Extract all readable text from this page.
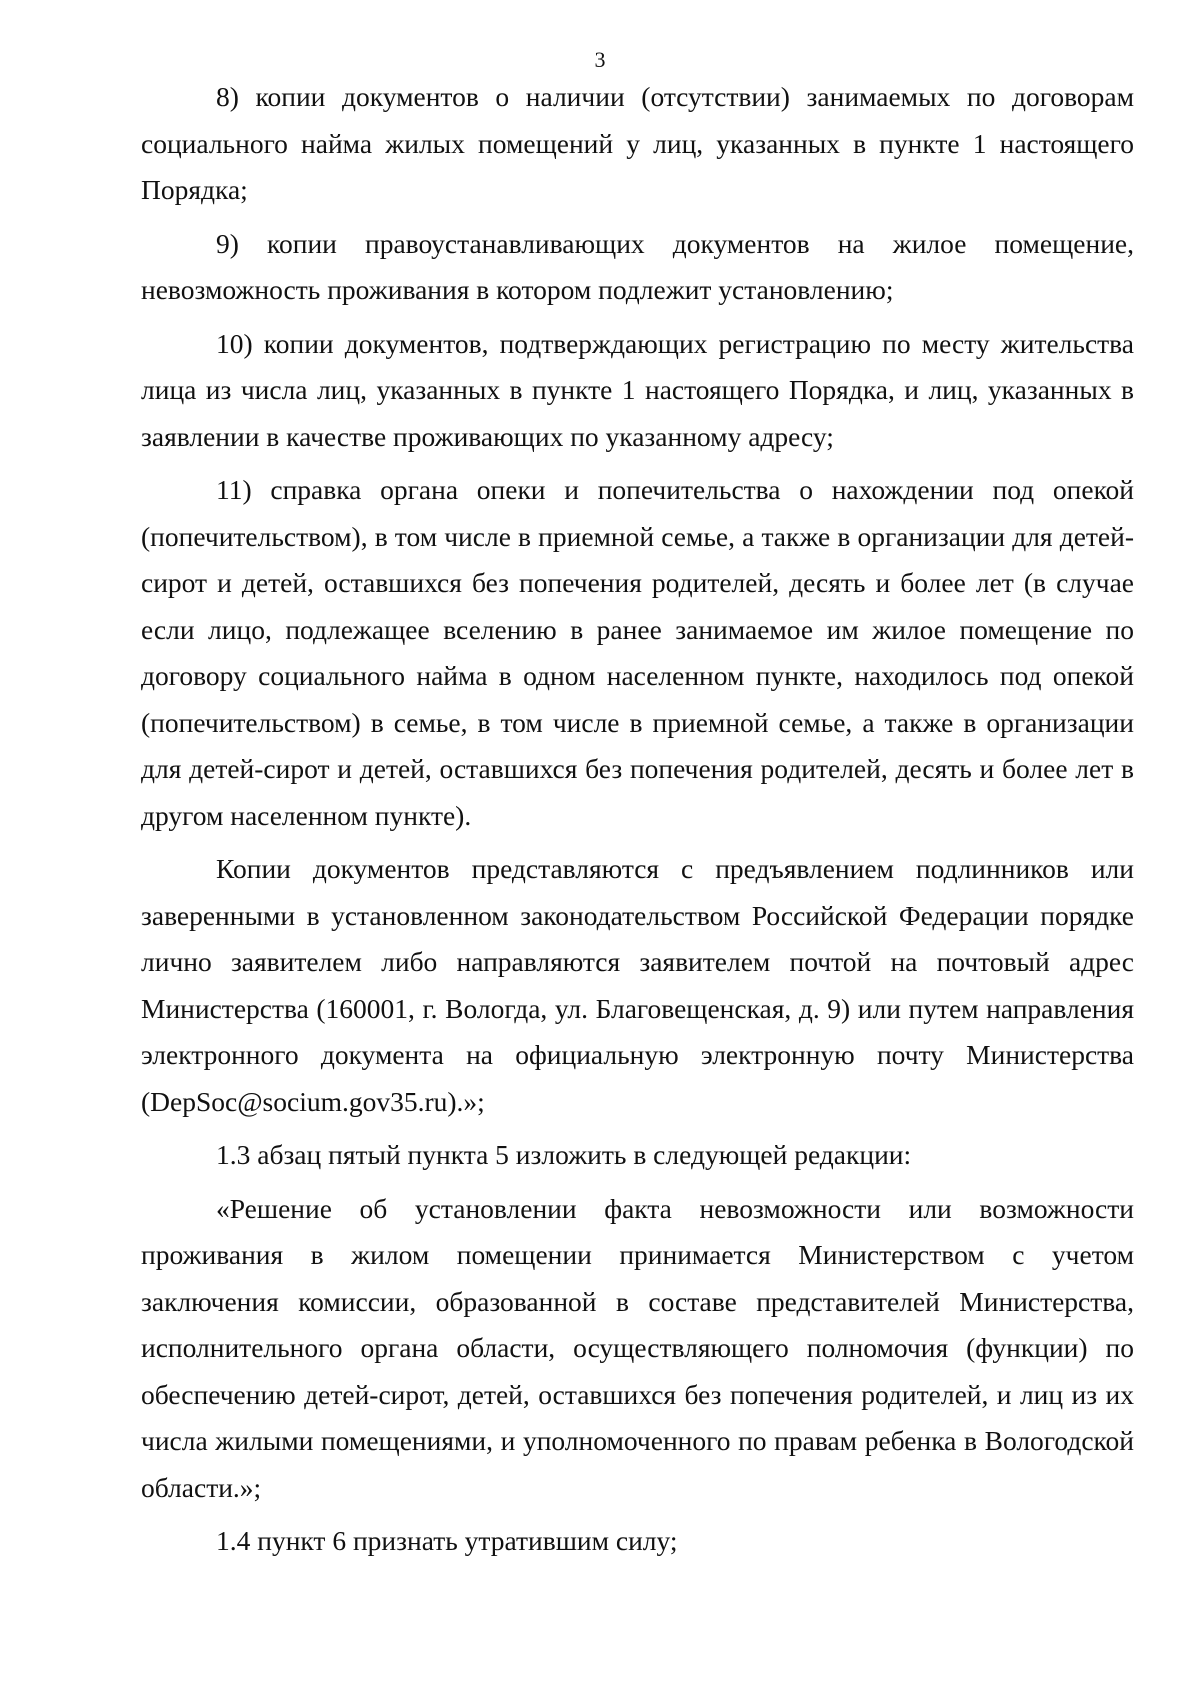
3

8) копии документов о наличии (отсутствии) занимаемых по договорам социального найма жилых помещений у лиц, указанных в пункте 1 настоящего Порядка;

9) копии правоустанавливающих документов на жилое помещение, невозможность проживания в котором подлежит установлению;

10) копии документов, подтверждающих регистрацию по месту жительства лица из числа лиц, указанных в пункте 1 настоящего Порядка, и лиц, указанных в заявлении в качестве проживающих по указанному адресу;

11) справка органа опеки и попечительства о нахождении под опекой (попечительством), в том числе в приемной семье, а также в организации для детей-сирот и детей, оставшихся без попечения родителей, десять и более лет (в случае если лицо, подлежащее вселению в ранее занимаемое им жилое помещение по договору социального найма в одном населенном пункте, находилось под опекой (попечительством) в семье, в том числе в приемной семье, а также в организации для детей-сирот и детей, оставшихся без попечения родителей, десять и более лет в другом населенном пункте).

Копии документов представляются с предъявлением подлинников или заверенными в установленном законодательством Российской Федерации порядке лично заявителем либо направляются заявителем почтой на почтовый адрес Министерства (160001, г. Вологда, ул. Благовещенская, д. 9) или путем направления электронного документа на официальную электронную почту Министерства (DepSoc@socium.gov35.ru).»;

1.3 абзац пятый пункта 5 изложить в следующей редакции:

«Решение об установлении факта невозможности или возможности проживания в жилом помещении принимается Министерством с учетом заключения комиссии, образованной в составе представителей Министерства, исполнительного органа области, осуществляющего полномочия (функции) по обеспечению детей-сирот, детей, оставшихся без попечения родителей, и лиц из их числа жилыми помещениями, и уполномоченного по правам ребенка в Вологодской области.»;

1.4 пункт 6 признать утратившим силу;
